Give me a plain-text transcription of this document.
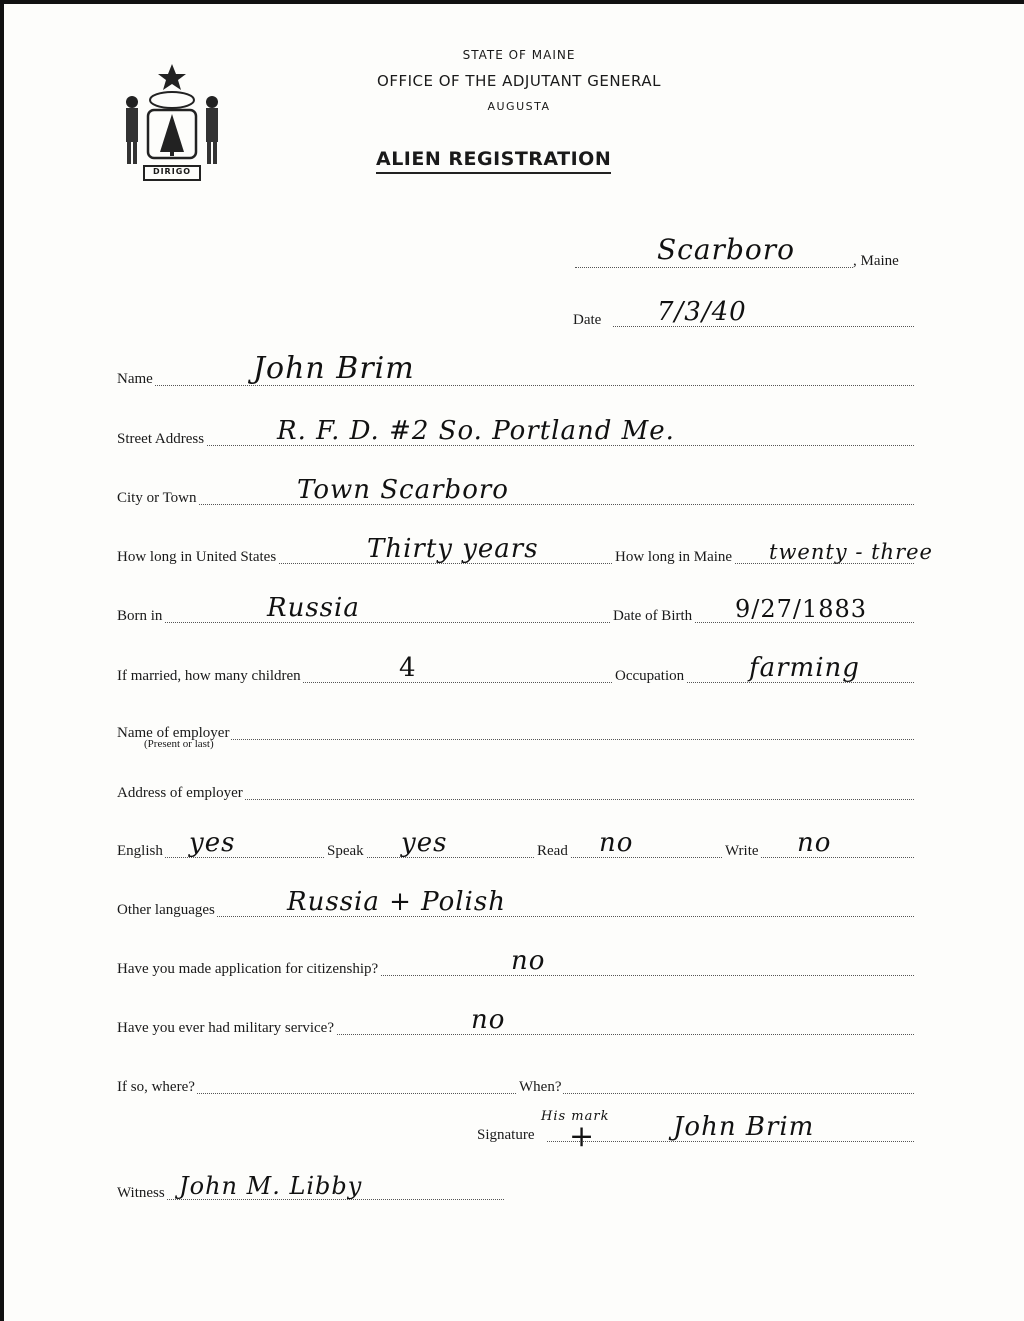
DIRIGO
STATE OF MAINE
OFFICE OF THE ADJUTANT GENERAL
AUGUSTA
ALIEN REGISTRATION
Scarboro	, Maine
Date 7/3/40
Name	John Brim
Street Address	R. F. D. #2 So. Portland Me.
City or Town	Town Scarboro
How long in United States	Thirty years	How long in Maine twenty - three
Born in	Russia	Date of Birth 9/27/1883
If married, how many children	4	Occupation farming
Name of employer
(Present or last)
Address of employer
English yes	Speak yes	Read no	Write no
Other languages	Russia + Polish
Have you made application for citizenship?	no
Have you ever had military service?	no
If so, where?	When?
Signature
His mark
+	John Brim
Witness John M. Libby
